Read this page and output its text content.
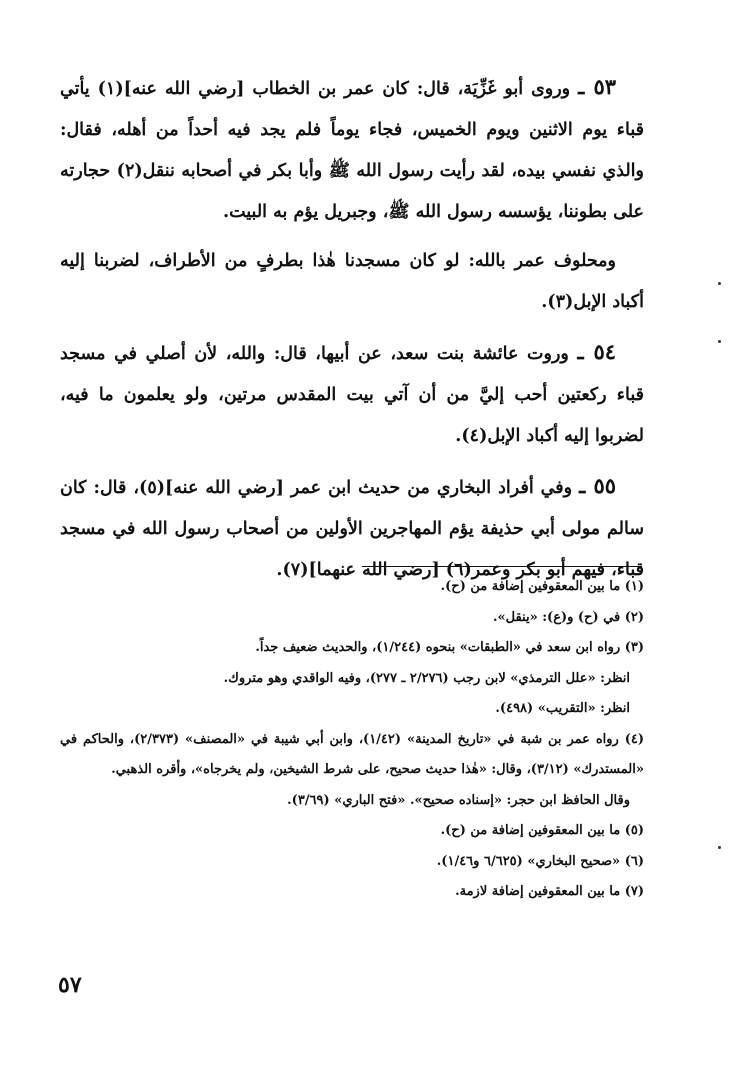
٥٣ ـ وروى أبو غَزِّيَة، قال: كان عمر بن الخطاب [رضي الله عنه](١) يأتي قباء يوم الاثنين ويوم الخميس، فجاء يوماً فلم يجد فيه أحداً من أهله، فقال: والذي نفسي بيده، لقد رأيت رسول الله ﷺ وأبا بكر في أصحابه ننقل(٢) حجارته على بطوننا، يؤسسه رسول الله ﷺ، وجبريل يؤم به البيت.

ومحلوف عمر بالله: لو كان مسجدنا هٰذا بطرفٍ من الأطراف، لضربنا إليه أكباد الإبل(٣).

٥٤ ـ وروت عائشة بنت سعد، عن أبيها، قال: والله، لأن أصلي في مسجد قباء ركعتين أحب إليَّ من أن آتي بيت المقدس مرتين، ولو يعلمون ما فيه، لضربوا إليه أكباد الإبل(٤).

٥٥ ـ وفي أفراد البخاري من حديث ابن عمر [رضي الله عنه](٥)، قال: كان سالم مولى أبي حذيفة يؤم المهاجرين الأولين من أصحاب رسول الله في مسجد قباء، فيهم أبو بكر وعمر(٦) [رضي الله عنهما](٧).

(١) ما بين المعقوفين إضافة من (ح).

(٢) في (ح) و(ع): «ينقل».

(٣) رواه ابن سعد في «الطبقات» بنحوه (١/٢٤٤)، والحديث ضعيف جداً.

انظر: «علل الترمذي» لابن رجب (٢/٢٧٦ ـ ٢٧٧)، وفيه الواقدي وهو متروك.

انظر: «التقريب» (٤٩٨).

(٤) رواه عمر بن شبة في «تاريخ المدينة» (١/٤٢)، وابن أبي شيبة في «المصنف» (٢/٣٧٣)، والحاكم في «المستدرك» (٣/١٢)، وقال: «هٰذا حديث صحيح، على شرط الشيخين، ولم يخرجاه»، وأقره الذهبي.

وقال الحافظ ابن حجر: «إسناده صحيح». «فتح الباري» (٣/٦٩).

(٥) ما بين المعقوفين إضافة من (ح).

(٦) «صحيح البخاري» (٦/٦٢٥ و١/٤٦).

(٧) ما بين المعقوفين إضافة لازمة.

٥٧
